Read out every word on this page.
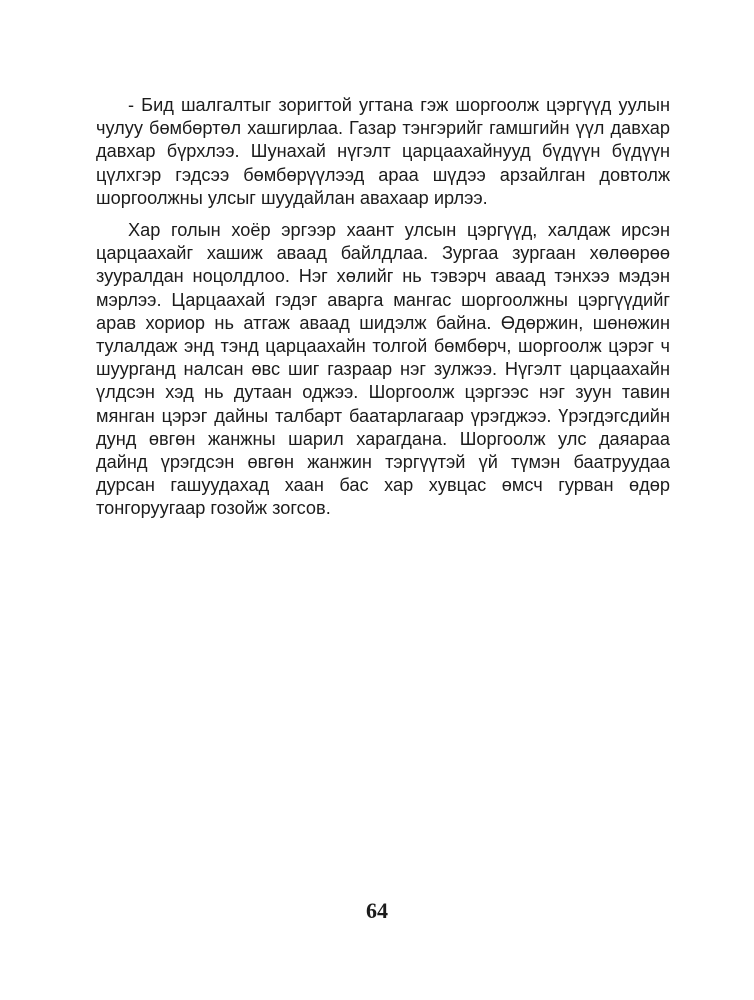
- Бид шалгалтыг зоригтой угтана гэж шоргоолж цэргүүд уулын чулуу бөмбөртөл хашгирлаа. Газар тэнгэрийг гамшгийн үүл давхар давхар бүрхлээ. Шунахай нүгэлт царцаахайнууд бүдүүн бүдүүн цүлхгэр гэдсээ бөмбөрүүлээд араа шүдээ арзайлган довтолж шоргоолжны улсыг шуудайлан авахаар ирлээ.

Хар голын хоёр эргээр хаант улсын цэргүүд, халдаж ирсэн царцаахайг хашиж аваад байлдлаа. Зургаа зургаан хөлөөрөө зууралдан ноцолдлоо. Нэг хөлийг нь тэвэрч аваад тэнхээ мэдэн мэрлээ. Царцаахай гэдэг аварга мангас шоргоолжны цэргүүдийг арав хориор нь атгаж аваад шидэлж байна. Өдөржин, шөнөжин тулалдаж энд тэнд царцаахайн толгой бөмбөрч, шоргоолж цэрэг ч шуурганд налсан өвс шиг газраар нэг зулжээ. Нүгэлт царцаахайн үлдсэн хэд нь дутаан оджээ. Шоргоолж цэргээс нэг зуун тавин мянган цэрэг дайны талбарт баатарлагаар үрэгджээ. Үрэгдэгсдийн дунд өвгөн жанжны шарил харагдана. Шоргоолж улс даяараа дайнд үрэгдсэн өвгөн жанжин тэргүүтэй үй түмэн баатруудаа дурсан гашуудахад хаан бас хар хувцас өмсч гурван өдөр тонгоруугаар гозойж зогсов.

64
